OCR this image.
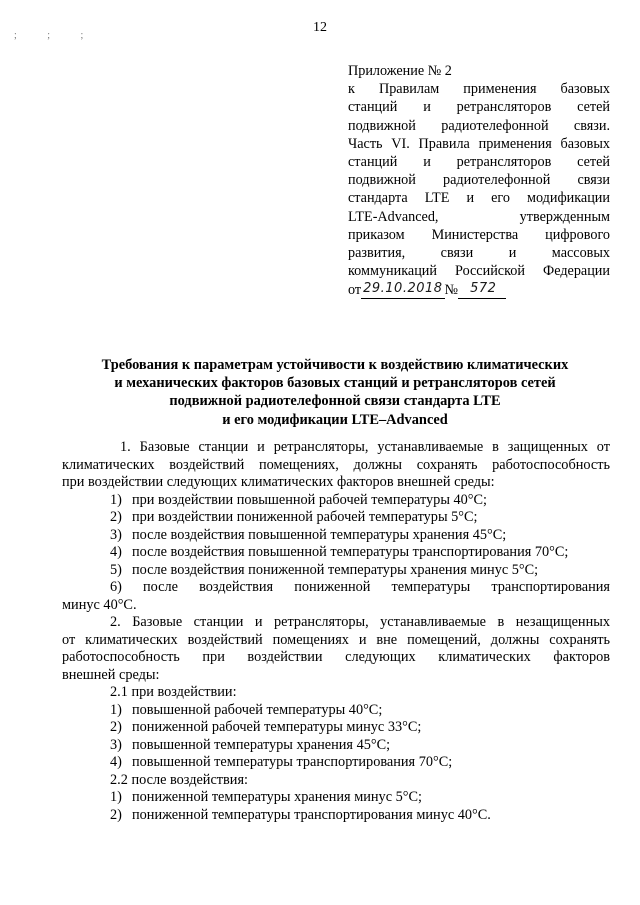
12
; ; ;
Приложение № 2
к Правилам применения базовых
станций и ретрансляторов сетей
подвижной радиотелефонной связи.
Часть VI. Правила применения базовых
станций и ретрансляторов сетей
подвижной радиотелефонной связи
стандарта LTE и его модификации
LTE-Advanced, утвержденным
приказом Министерства цифрового
развития, связи и массовых
коммуникаций Российской Федерации
от 29.10.2018 № 572
Требования к параметрам устойчивости к воздействию климатических
и механических факторов базовых станций и ретрансляторов сетей
подвижной радиотелефонной связи стандарта LTE
и его модификации LTE–Advanced
1. Базовые станции и ретрансляторы, устанавливаемые в защищенных от
климатических воздействий помещениях, должны сохранять работоспособность
при воздействии следующих климатических факторов внешней среды:
1) при воздействии повышенной рабочей температуры 40°C;
2) при воздействии пониженной рабочей температуры 5°C;
3) после воздействия повышенной температуры хранения 45°C;
4) после воздействия повышенной температуры транспортирования 70°C;
5) после воздействия пониженной температуры хранения минус 5°C;
6) после воздействия пониженной температуры транспортирования
минус 40°C.
2. Базовые станции и ретрансляторы, устанавливаемые в незащищенных
от климатических воздействий помещениях и вне помещений, должны сохранять
работоспособность при воздействии следующих климатических факторов
внешней среды:
2.1 при воздействии:
1) повышенной рабочей температуры 40°C;
2) пониженной рабочей температуры минус 33°C;
3) повышенной температуры хранения 45°C;
4) повышенной температуры транспортирования 70°C;
2.2 после воздействия:
1) пониженной температуры хранения минус 5°C;
2) пониженной температуры транспортирования минус 40°C.
